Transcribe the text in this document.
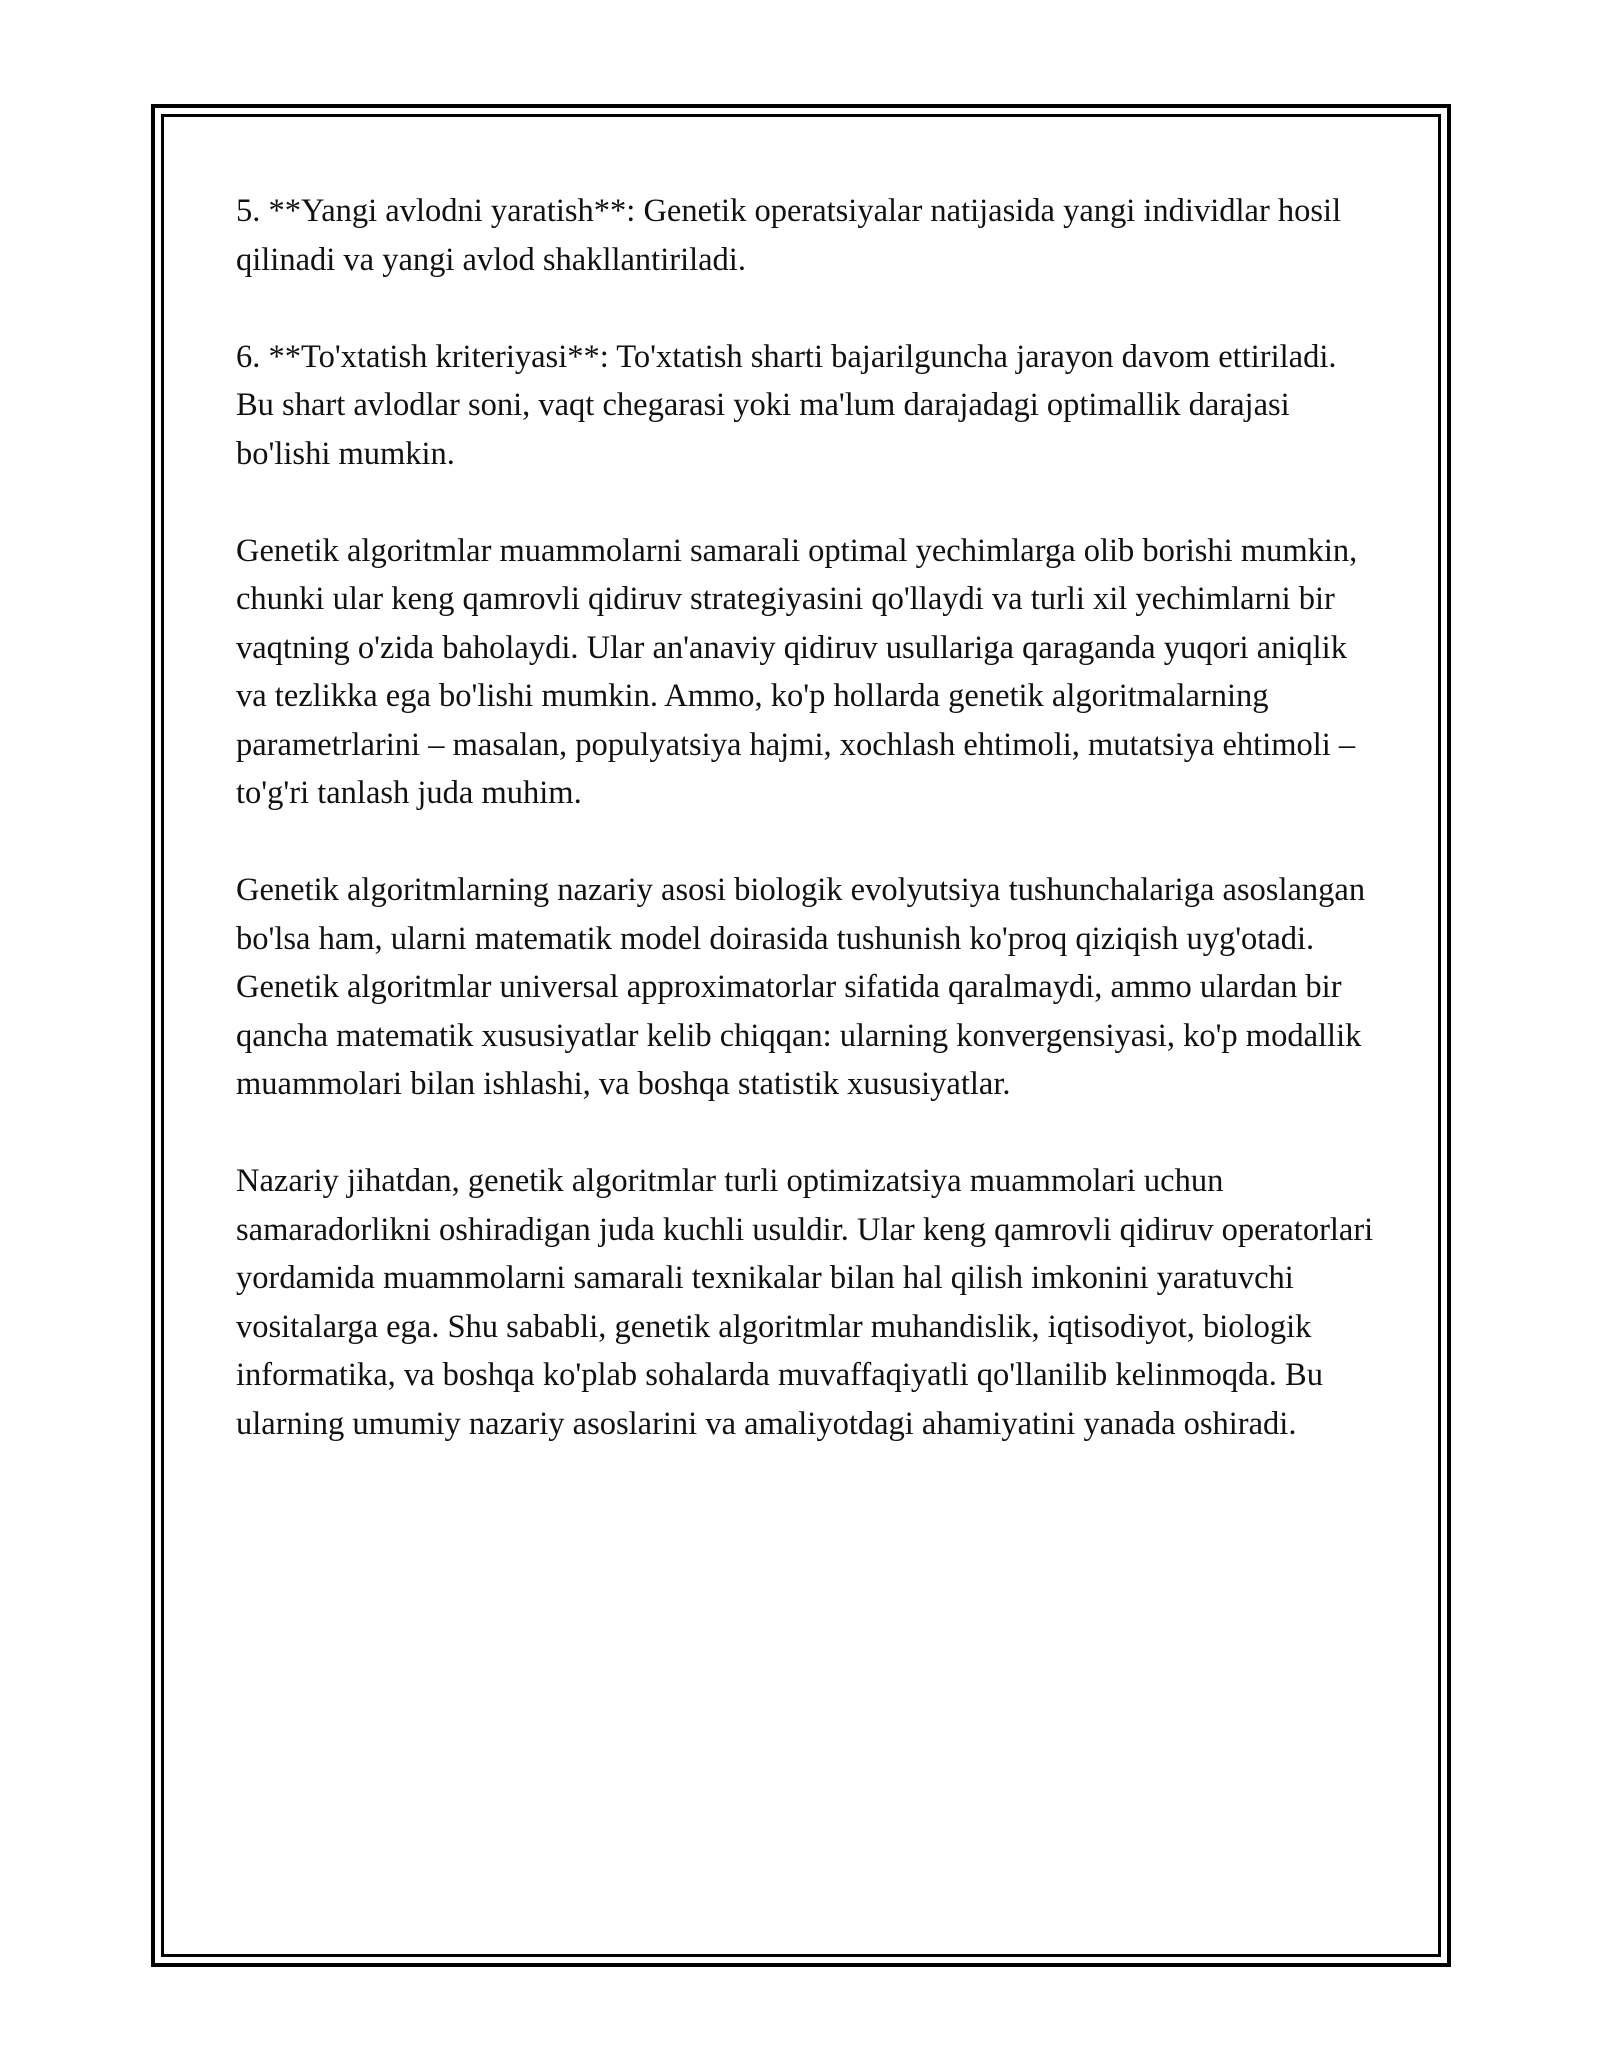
5. **Yangi avlodni yaratish**: Genetik operatsiyalar natijasida yangi individlar hosil qilinadi va yangi avlod shakllantiriladi.

6. **To'xtatish kriteriyasi**: To'xtatish sharti bajarilguncha jarayon davom ettiriladi. Bu shart avlodlar soni, vaqt chegarasi yoki ma'lum darajadagi optimallik darajasi bo'lishi mumkin.

Genetik algoritmlar muammolarni samarali optimal yechimlarga olib borishi mumkin, chunki ular keng qamrovli qidiruv strategiyasini qo'llaydi va turli xil yechimlarni bir vaqtning o'zida baholaydi. Ular an'anaviy qidiruv usullariga qaraganda yuqori aniqlik va tezlikka ega bo'lishi mumkin. Ammo, ko'p hollarda genetik algoritmalarning parametrlarini – masalan, populyatsiya hajmi, xochlash ehtimoli, mutatsiya ehtimoli – to'g'ri tanlash juda muhim.

Genetik algoritmlarning nazariy asosi biologik evolyutsiya tushunchalariga asoslangan bo'lsa ham, ularni matematik model doirasida tushunish ko'proq qiziqish uyg'otadi. Genetik algoritmlar universal approximatorlar sifatida qaralmaydi, ammo ulardan bir qancha matematik xususiyatlar kelib chiqqan: ularning konvergensiyasi, ko'p modallik muammolari bilan ishlashi, va boshqa statistik xususiyatlar.

Nazariy jihatdan, genetik algoritmlar turli optimizatsiya muammolari uchun samaradorlikni oshiradigan juda kuchli usuldir. Ular keng qamrovli qidiruv operatorlari yordamida muammolarni samarali texnikalar bilan hal qilish imkonini yaratuvchi vositalarga ega. Shu sababli, genetik algoritmlar muhandislik, iqtisodiyot, biologik informatika, va boshqa ko'plab sohalarda muvaffaqiyatli qo'llanilib kelinmoqda. Bu ularning umumiy nazariy asoslarini va amaliyotdagi ahamiyatini yanada oshiradi.
